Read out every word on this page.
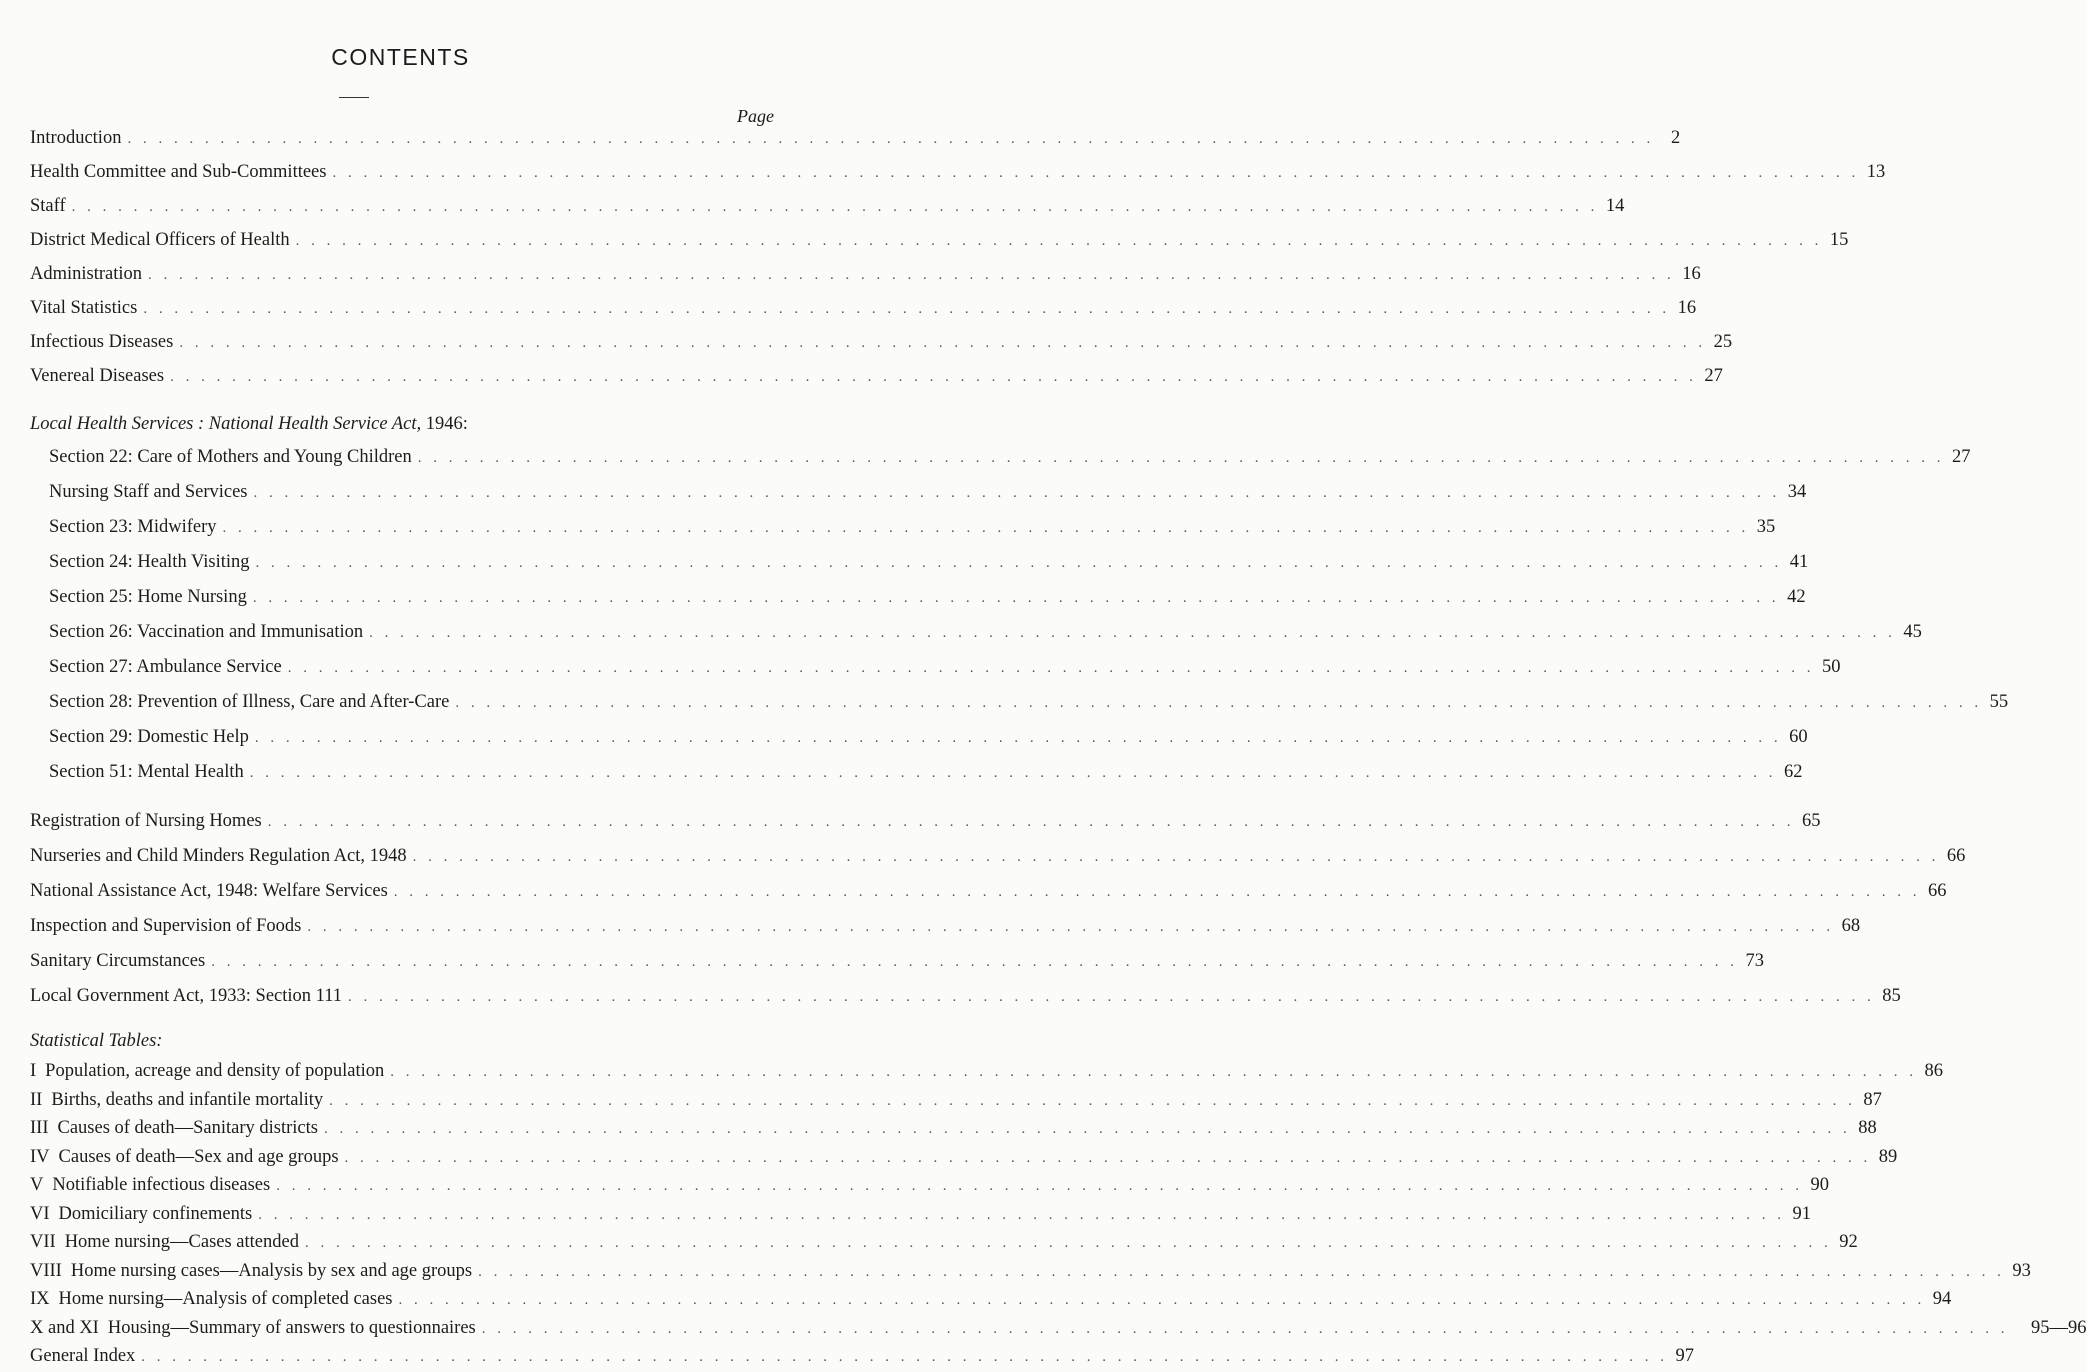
CONTENTS
Page
Introduction . . . . . . . . . . . . . . . . . . . . . . . . . . . . . . . . . . . . . . . . . . . . . . . . . . . . . . . . . . . . . . . . . . . . . . . . . . . . . . . . . . . . . . . . . . . . . . . . . . . 2
Health Committee and Sub-Committees . . . . . . . . . . . . . . . . . . . . . . . . . . . . . . . . . . . . . . . . . . . . . . . . . . . . . . . . . . . . . . . . . . . . . . . . . . . . . . . . . . . . . . . . . . . . . . . . . . . 13
Staff . . . . . . . . . . . . . . . . . . . . . . . . . . . . . . . . . . . . . . . . . . . . . . . . . . . . . . . . . . . . . . . . . . . . . . . . . . . . . . . . . . . . . . . . . . . . . . . . . . . 14
District Medical Officers of Health . . . . . . . . . . . . . . . . . . . . . . . . . . . . . . . . . . . . . . . . . . . . . . . . . . . . . . . . . . . . . . . . . . . . . . . . . . . . . . . . . . . . . . . . . . . . . . . . . . . 15
Administration . . . . . . . . . . . . . . . . . . . . . . . . . . . . . . . . . . . . . . . . . . . . . . . . . . . . . . . . . . . . . . . . . . . . . . . . . . . . . . . . . . . . . . . . . . . . . . . . . . . 16
Vital Statistics . . . . . . . . . . . . . . . . . . . . . . . . . . . . . . . . . . . . . . . . . . . . . . . . . . . . . . . . . . . . . . . . . . . . . . . . . . . . . . . . . . . . . . . . . . . . . . . . . . . 16
Infectious Diseases . . . . . . . . . . . . . . . . . . . . . . . . . . . . . . . . . . . . . . . . . . . . . . . . . . . . . . . . . . . . . . . . . . . . . . . . . . . . . . . . . . . . . . . . . . . . . . . . . . . 25
Venereal Diseases . . . . . . . . . . . . . . . . . . . . . . . . . . . . . . . . . . . . . . . . . . . . . . . . . . . . . . . . . . . . . . . . . . . . . . . . . . . . . . . . . . . . . . . . . . . . . . . . . . . 27
Local Health Services : National Health Service Act, 1946:
Section 22: Care of Mothers and Young Children . . . . . . . . . . . . . . . . . . . . . . . . . . . . . . . . . . . . . . . . . . . . . . . . . . . . . . . . . . . . . . . . . . . . . . . . . . . . . . . . . . . . . . . . . . . . . . . . . . . 27
Nursing Staff and Services . . . . . . . . . . . . . . . . . . . . . . . . . . . . . . . . . . . . . . . . . . . . . . . . . . . . . . . . . . . . . . . . . . . . . . . . . . . . . . . . . . . . . . . . . . . . . . . . . . . 34
Section 23: Midwifery . . . . . . . . . . . . . . . . . . . . . . . . . . . . . . . . . . . . . . . . . . . . . . . . . . . . . . . . . . . . . . . . . . . . . . . . . . . . . . . . . . . . . . . . . . . . . . . . . . . 35
Section 24: Health Visiting . . . . . . . . . . . . . . . . . . . . . . . . . . . . . . . . . . . . . . . . . . . . . . . . . . . . . . . . . . . . . . . . . . . . . . . . . . . . . . . . . . . . . . . . . . . . . . . . . . . 41
Section 25: Home Nursing . . . . . . . . . . . . . . . . . . . . . . . . . . . . . . . . . . . . . . . . . . . . . . . . . . . . . . . . . . . . . . . . . . . . . . . . . . . . . . . . . . . . . . . . . . . . . . . . . . . 42
Section 26: Vaccination and Immunisation . . . . . . . . . . . . . . . . . . . . . . . . . . . . . . . . . . . . . . . . . . . . . . . . . . . . . . . . . . . . . . . . . . . . . . . . . . . . . . . . . . . . . . . . . . . . . . . . . . . 45
Section 27: Ambulance Service . . . . . . . . . . . . . . . . . . . . . . . . . . . . . . . . . . . . . . . . . . . . . . . . . . . . . . . . . . . . . . . . . . . . . . . . . . . . . . . . . . . . . . . . . . . . . . . . . . . 50
Section 28: Prevention of Illness, Care and After-Care . . . . . . . . . . . . . . . . . . . . . . . . . . . . . . . . . . . . . . . . . . . . . . . . . . . . . . . . . . . . . . . . . . . . . . . . . . . . . . . . . . . . . . . . . . . . . . . . . . . 55
Section 29: Domestic Help . . . . . . . . . . . . . . . . . . . . . . . . . . . . . . . . . . . . . . . . . . . . . . . . . . . . . . . . . . . . . . . . . . . . . . . . . . . . . . . . . . . . . . . . . . . . . . . . . . . 60
Section 51: Mental Health . . . . . . . . . . . . . . . . . . . . . . . . . . . . . . . . . . . . . . . . . . . . . . . . . . . . . . . . . . . . . . . . . . . . . . . . . . . . . . . . . . . . . . . . . . . . . . . . . . . 62
Registration of Nursing Homes . . . . . . . . . . . . . . . . . . . . . . . . . . . . . . . . . . . . . . . . . . . . . . . . . . . . . . . . . . . . . . . . . . . . . . . . . . . . . . . . . . . . . . . . . . . . . . . . . . . 65
Nurseries and Child Minders Regulation Act, 1948 . . . . . . . . . . . . . . . . . . . . . . . . . . . . . . . . . . . . . . . . . . . . . . . . . . . . . . . . . . . . . . . . . . . . . . . . . . . . . . . . . . . . . . . . . . . . . . . . . . . 66
National Assistance Act, 1948: Welfare Services . . . . . . . . . . . . . . . . . . . . . . . . . . . . . . . . . . . . . . . . . . . . . . . . . . . . . . . . . . . . . . . . . . . . . . . . . . . . . . . . . . . . . . . . . . . . . . . . . . . 66
Inspection and Supervision of Foods . . . . . . . . . . . . . . . . . . . . . . . . . . . . . . . . . . . . . . . . . . . . . . . . . . . . . . . . . . . . . . . . . . . . . . . . . . . . . . . . . . . . . . . . . . . . . . . . . . . 68
Sanitary Circumstances . . . . . . . . . . . . . . . . . . . . . . . . . . . . . . . . . . . . . . . . . . . . . . . . . . . . . . . . . . . . . . . . . . . . . . . . . . . . . . . . . . . . . . . . . . . . . . . . . . . 73
Local Government Act, 1933: Section 111 . . . . . . . . . . . . . . . . . . . . . . . . . . . . . . . . . . . . . . . . . . . . . . . . . . . . . . . . . . . . . . . . . . . . . . . . . . . . . . . . . . . . . . . . . . . . . . . . . . . 85
Statistical Tables:
I Population, acreage and density of population . . . . . . . . . . . . . . . . . . . . . . . . . . . . . . . . . . . . . . . . . . . . . . . . . . . . . . . . . . . . . . . . . . . . . . . . . . . . . . . . . . . . . . . . . . . . . . . . . . . 86
II Births, deaths and infantile mortality . . . . . . . . . . . . . . . . . . . . . . . . . . . . . . . . . . . . . . . . . . . . . . . . . . . . . . . . . . . . . . . . . . . . . . . . . . . . . . . . . . . . . . . . . . . . . . . . . . . 87
III Causes of death—Sanitary districts . . . . . . . . . . . . . . . . . . . . . . . . . . . . . . . . . . . . . . . . . . . . . . . . . . . . . . . . . . . . . . . . . . . . . . . . . . . . . . . . . . . . . . . . . . . . . . . . . . . 88
IV Causes of death—Sex and age groups . . . . . . . . . . . . . . . . . . . . . . . . . . . . . . . . . . . . . . . . . . . . . . . . . . . . . . . . . . . . . . . . . . . . . . . . . . . . . . . . . . . . . . . . . . . . . . . . . . . 89
V Notifiable infectious diseases . . . . . . . . . . . . . . . . . . . . . . . . . . . . . . . . . . . . . . . . . . . . . . . . . . . . . . . . . . . . . . . . . . . . . . . . . . . . . . . . . . . . . . . . . . . . . . . . . . . 90
VI Domiciliary confinements . . . . . . . . . . . . . . . . . . . . . . . . . . . . . . . . . . . . . . . . . . . . . . . . . . . . . . . . . . . . . . . . . . . . . . . . . . . . . . . . . . . . . . . . . . . . . . . . . . . 91
VII Home nursing—Cases attended . . . . . . . . . . . . . . . . . . . . . . . . . . . . . . . . . . . . . . . . . . . . . . . . . . . . . . . . . . . . . . . . . . . . . . . . . . . . . . . . . . . . . . . . . . . . . . . . . . . 92
VIII Home nursing cases—Analysis by sex and age groups . . . . . . . . . . . . . . . . . . . . . . . . . . . . . . . . . . . . . . . . . . . . . . . . . . . . . . . . . . . . . . . . . . . . . . . . . . . . . . . . . . . . . . . . . . . . . . . . . . . 93
IX Home nursing—Analysis of completed cases . . . . . . . . . . . . . . . . . . . . . . . . . . . . . . . . . . . . . . . . . . . . . . . . . . . . . . . . . . . . . . . . . . . . . . . . . . . . . . . . . . . . . . . . . . . . . . . . . . . 94
X and XI Housing—Summary of answers to questionnaires . . . . . . . . . . . . . . . . . . . . . . . . . . . . . . . . . . . . . . . . . . . . . . . . . . . . . . . . . . . . . . . . . . . . . . . . . . . . . . . . . . . . . . . . . . . . . . . . . . .	95—96
General Index . . . . . . . . . . . . . . . . . . . . . . . . . . . . . . . . . . . . . . . . . . . . . . . . . . . . . . . . . . . . . . . . . . . . . . . . . . . . . . . . . . . . . . . . . . . . . . . . . . . 97
